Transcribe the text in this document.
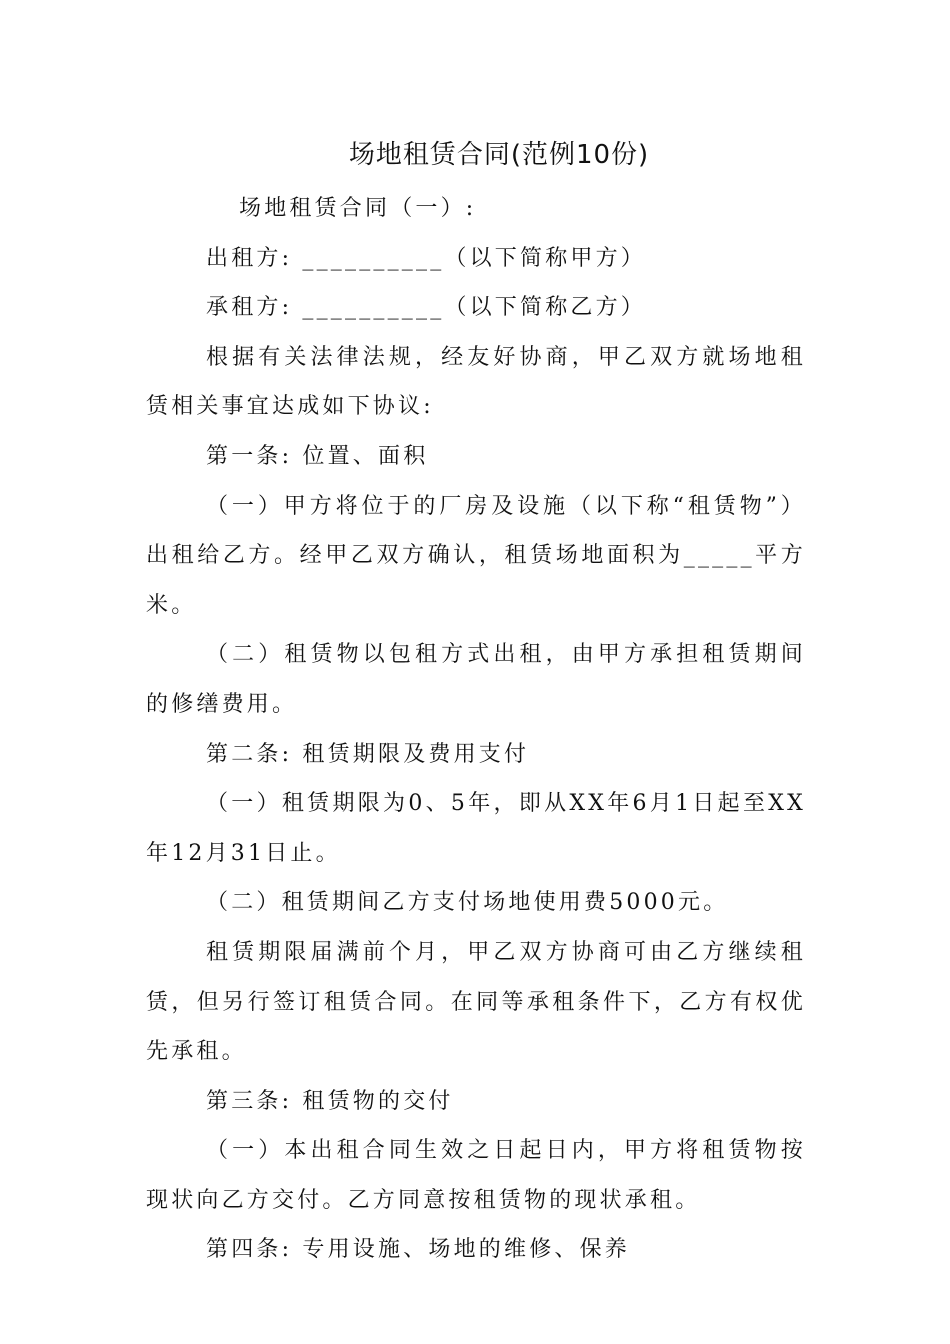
场地租赁合同(范例10份)

场地租赁合同（一）:

出租方: __________（以下简称甲方）

承租方: __________（以下简称乙方）

根据有关法律法规，经友好协商，甲乙双方就场地租赁相关事宜达成如下协议:

第一条: 位置、面积

（一）甲方将位于的厂房及设施（以下称“租赁物”）出租给乙方。经甲乙双方确认，租赁场地面积为_____平方米。

（二）租赁物以包租方式出租，由甲方承担租赁期间的修缮费用。

第二条: 租赁期限及费用支付

（一）租赁期限为0、5年，即从XX年6月1日起至XX年12月31日止。

（二）租赁期间乙方支付场地使用费5000元。

租赁期限届满前个月，甲乙双方协商可由乙方继续租赁，但另行签订租赁合同。在同等承租条件下，乙方有权优先承租。

第三条: 租赁物的交付

（一）本出租合同生效之日起日内，甲方将租赁物按现状向乙方交付。乙方同意按租赁物的现状承租。

第四条: 专用设施、场地的维修、保养
